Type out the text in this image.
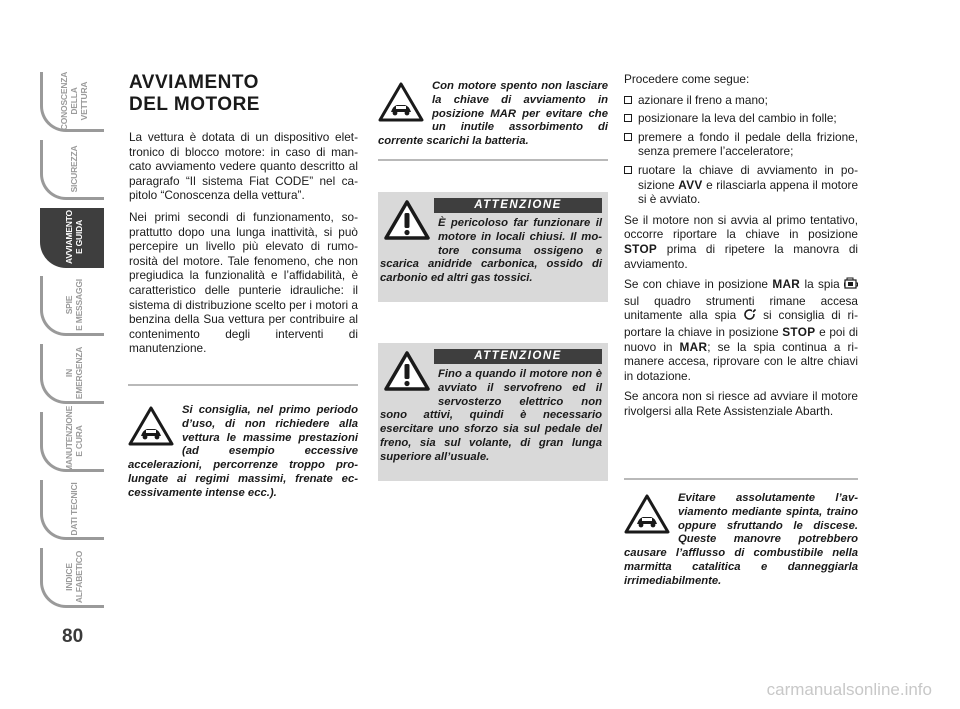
CONOSCENZA
DELLA VETTURA
SICUREZZA
AVVIAMENTO
E GUIDA
SPIE
E MESSAGGI
IN EMERGENZA
MANUTENZIONE
E CURA
DATI TECNICI
INDICE
ALFABETICO
80
AVVIAMENTO
DEL MOTORE

La vettura è dotata di un dispositivo elettronico di blocco motore: in caso di mancato avviamento vedere quanto descritto al paragrafo “Il sistema Fiat CODE” nel capitolo “Conoscenza della vettura”.

Nei primi secondi di funzionamento, soprattutto dopo una lunga inattività, si può percepire un livello più elevato di rumorosità del motore. Tale fenomeno, che non pregiudica la funzionalità e l’affidabilità, è caratteristico delle punterie idrauliche: il sistema di distribuzione scelto per i motori a benzina della Sua vettura per contribuire al contenimento degli interventi di manutenzione.

Si consiglia, nel primo periodo d’uso, di non richiedere alla vettura le massime prestazioni (ad esempio eccessive accelerazioni, percorrenze troppo prolungate ai regimi massimi, frenate eccessivamente intense ecc.).

Con motore spento non lasciare la chiave di avviamento in posizione MAR per evitare che un inutile assorbimento di corrente scarichi la batteria.

ATTENZIONE

È pericoloso far funzionare il motore in locali chiusi. Il motore consuma ossigeno e scarica anidride carbonica, ossido di carbonio ed altri gas tossici.

ATTENZIONE

Fino a quando il motore non è avviato il servofreno ed il servosterzo elettrico non sono attivi, quindi è necessario esercitare uno sforzo sia sul pedale del freno, sia sul volante, di gran lunga superiore all’usuale.

Procedere come segue:

azionare il freno a mano;
posizionare la leva del cambio in folle;
premere a fondo il pedale della frizione, senza premere l’acceleratore;
ruotare la chiave di avviamento in posizione AVV e rilasciarla appena il motore si è avviato.

Se il motore non si avvia al primo tentativo, occorre riportare la chiave in posizione STOP prima di ripetere la manovra di avviamento.

Se con chiave in posizione MAR la spia  sul quadro strumenti rimane accesa unitamente alla spia  si consiglia di riportare la chiave in posizione STOP e poi di nuovo in MAR; se la spia continua a rimanere accesa, riprovare con le altre chiavi in dotazione.

Se ancora non si riesce ad avviare il motore rivolgersi alla Rete Assistenziale Abarth.

Evitare assolutamente l’avviamento mediante spinta, traino oppure sfruttando le discese. Queste manovre potrebbero causare l’afflusso di combustibile nella marmitta catalitica e danneggiarla irrimediabilmente.

carmanualsonline.info
